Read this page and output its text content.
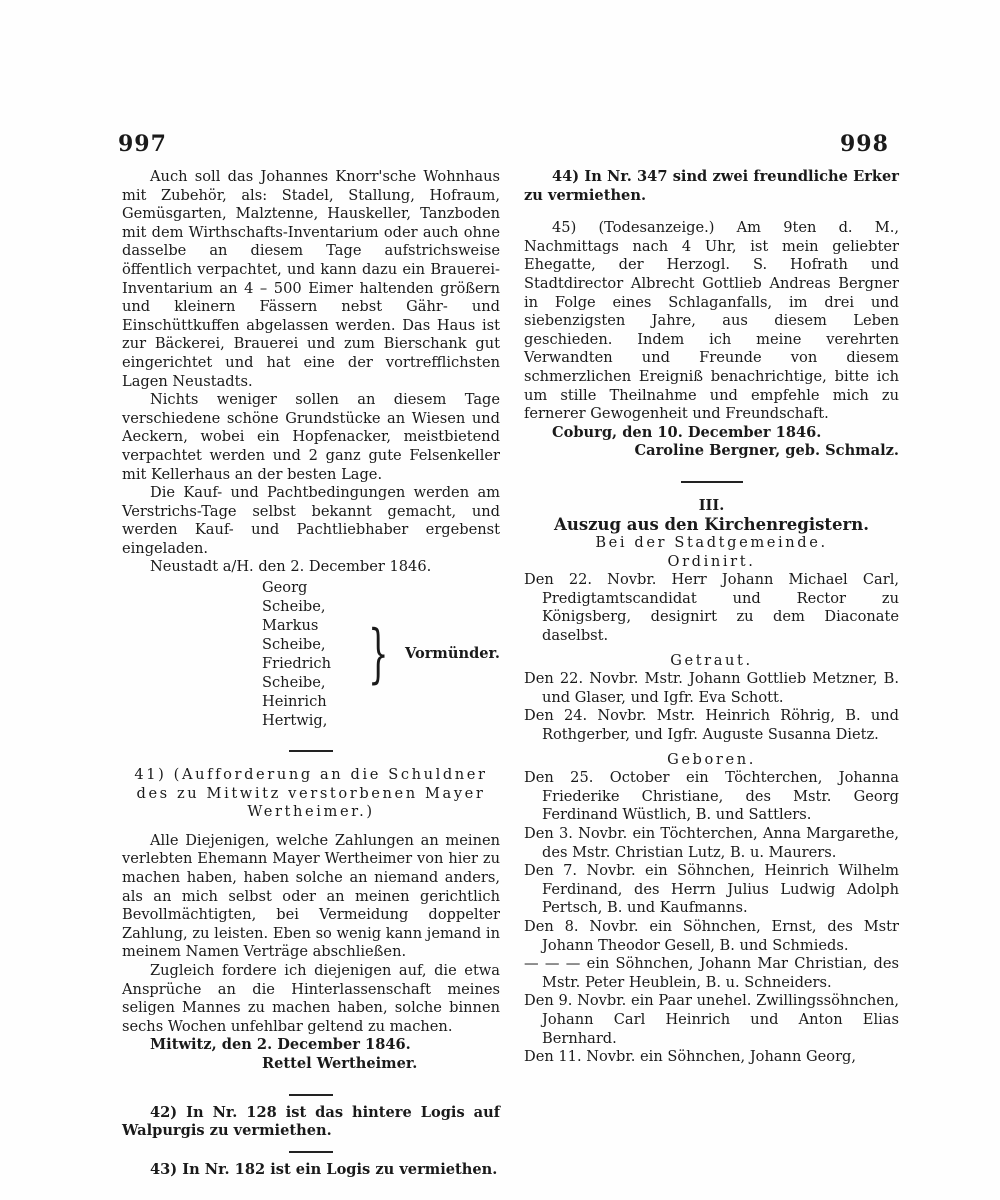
997	998

Auch soll das Johannes Knorr'sche Wohnhaus mit Zubehör, als: Stadel, Stallung, Hofraum, Gemüsgarten, Malztenne, Hauskeller, Tanzboden mit dem Wirthschafts-Inventarium oder auch ohne dasselbe an diesem Tage aufstrichsweise öffentlich verpachtet, und kann dazu ein Brauerei-Inventarium an 4 – 500 Eimer haltenden größern und kleinern Fässern nebst Gähr- und Einschüttkuffen abgelassen werden. Das Haus ist zur Bäckerei, Brauerei und zum Bierschank gut eingerichtet und hat eine der vortrefflichsten Lagen Neustadts.

Nichts weniger sollen an diesem Tage verschiedene schöne Grundstücke an Wiesen und Aeckern, wobei ein Hopfenacker, meistbietend verpachtet werden und 2 ganz gute Felsenkeller mit Kellerhaus an der besten Lage.

Die Kauf- und Pachtbedingungen werden am Verstrichs-Tage selbst bekannt gemacht, und werden Kauf- und Pachtliebhaber ergebenst eingeladen.

Neustadt a/H. den 2. December 1846.

Georg Scheibe,
Markus Scheibe,
Friedrich Scheibe,
Heinrich Hertwig,
} Vormünder.

41) (Aufforderung an die Schuldner des zu Mitwitz verstorbenen Mayer Wertheimer.)

Alle Diejenigen, welche Zahlungen an meinen verlebten Ehemann Mayer Wertheimer von hier zu machen haben, haben solche an niemand anders, als an mich selbst oder an meinen gerichtlich Bevollmächtigten, bei Vermeidung doppelter Zahlung, zu leisten. Eben so wenig kann jemand in meinem Namen Verträge abschließen.

Zugleich fordere ich diejenigen auf, die etwa Ansprüche an die Hinterlassenschaft meines seligen Mannes zu machen haben, solche binnen sechs Wochen unfehlbar geltend zu machen.

Mitwitz, den 2. December 1846.

Rettel Wertheimer.

42) In Nr. 128 ist das hintere Logis auf Walpurgis zu vermiethen.

43) In Nr. 182 ist ein Logis zu vermiethen.

44) In Nr. 347 sind zwei freundliche Erker zu vermiethen.

45) (Todesanzeige.) Am 9ten d. M., Nachmittags nach 4 Uhr, ist mein geliebter Ehegatte, der Herzogl. S. Hofrath und Stadtdirector Albrecht Gottlieb Andreas Bergner in Folge eines Schlaganfalls, im drei und siebenzigsten Jahre, aus diesem Leben geschieden. Indem ich meine verehrten Verwandten und Freunde von diesem schmerzlichen Ereigniß benachrichtige, bitte ich um stille Theilnahme und empfehle mich zu fernerer Gewogenheit und Freundschaft.

Coburg, den 10. December 1846.

Caroline Bergner, geb. Schmalz.

III.

Auszug aus den Kirchenregistern.

Bei der Stadtgemeinde.

Ordinirt.

Den 22. Novbr. Herr Johann Michael Carl, Predigtamtscandidat und Rector zu Königsberg, designirt zu dem Diaconate daselbst.

Getraut.

Den 22. Novbr. Mstr. Johann Gottlieb Metzner, B. und Glaser, und Igfr. Eva Schott.

Den 24. Novbr. Mstr. Heinrich Röhrig, B. und Rothgerber, und Igfr. Auguste Susanna Dietz.

Geboren.

Den 25. October ein Töchterchen, Johanna Friederike Christiane, des Mstr. Georg Ferdinand Wüstlich, B. und Sattlers.

Den 3. Novbr. ein Töchterchen, Anna Margarethe, des Mstr. Christian Lutz, B. u. Maurers.

Den 7. Novbr. ein Söhnchen, Heinrich Wilhelm Ferdinand, des Herrn Julius Ludwig Adolph Pertsch, B. und Kaufmanns.

Den 8. Novbr. ein Söhnchen, Ernst, des Mstr Johann Theodor Gesell, B. und Schmieds.

— — — ein Söhnchen, Johann Mar Christian, des Mstr. Peter Heublein, B. u. Schneiders.

Den 9. Novbr. ein Paar unehel. Zwillingssöhnchen, Johann Carl Heinrich und Anton Elias Bernhard.

Den 11. Novbr. ein Söhnchen, Johann Georg,
